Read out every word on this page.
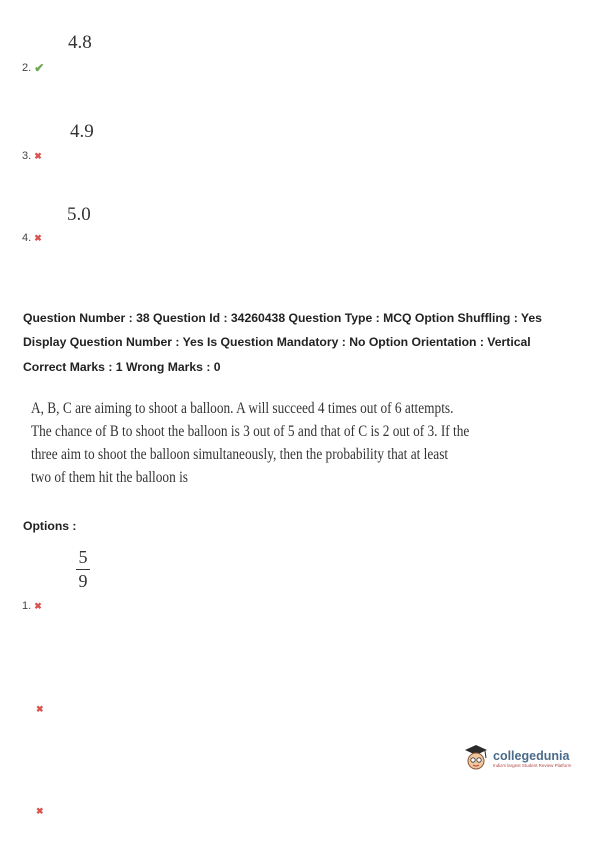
4.8
2. ✔
4.9
3. ✖
5.0
4. ✖
Question Number : 38 Question Id : 34260438 Question Type : MCQ Option Shuffling : Yes
Display Question Number : Yes Is Question Mandatory : No Option Orientation : Vertical
Correct Marks : 1 Wrong Marks : 0
A, B, C are aiming to shoot a balloon. A will succeed 4 times out of 6 attempts. The chance of B to shoot the balloon is 3 out of 5 and that of C is 2 out of 3. If the three aim to shoot the balloon simultaneously, then the probability that at least two of them hit the balloon is
Options :
5
9
1. ✖
✖
✖
collegedunia
India's largest Student Review Platform
